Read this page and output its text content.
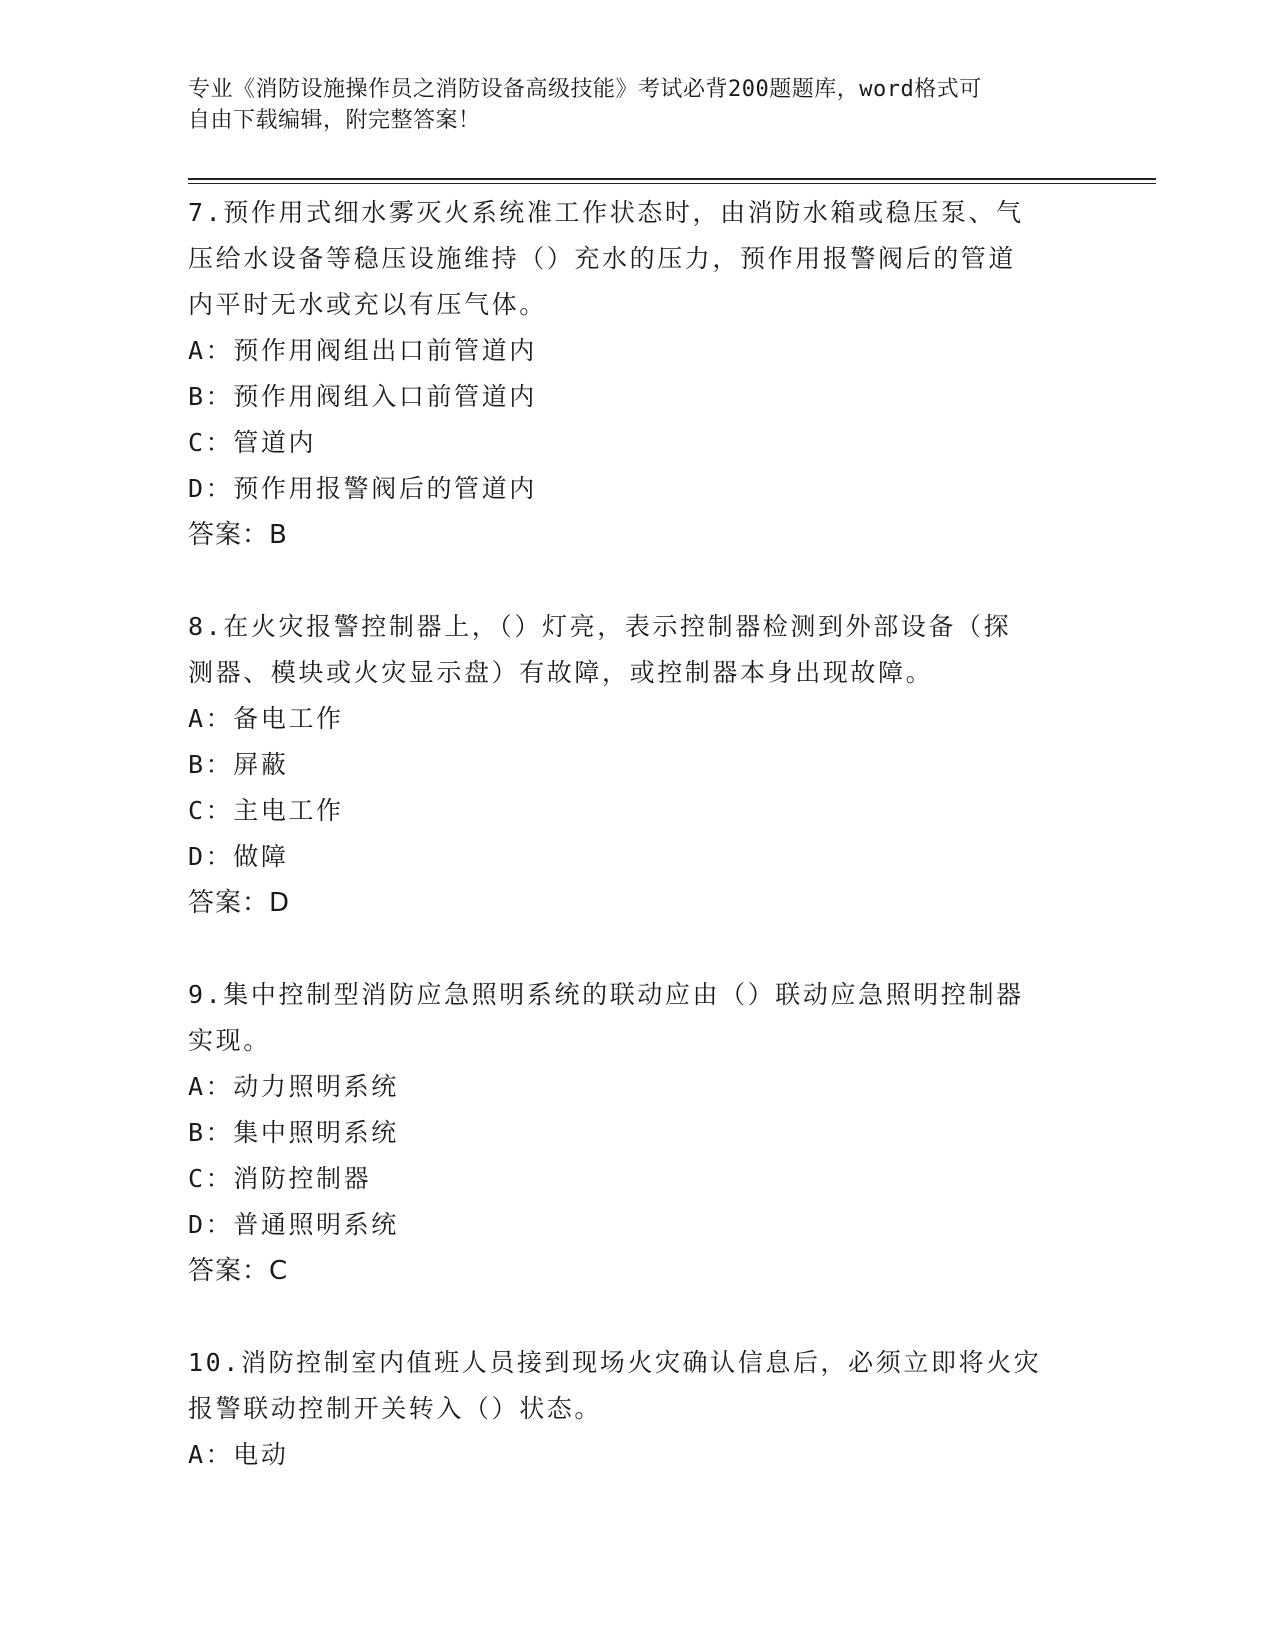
专业《消防设施操作员之消防设备高级技能》考试必背200题题库，word格式可
自由下载编辑，附完整答案！
7.预作用式细水雾灭火系统准工作状态时，由消防水箱或稳压泵、气
压给水设备等稳压设施维持（）充水的压力，预作用报警阀后的管道
内平时无水或充以有压气体。
A：预作用阀组出口前管道内
B：预作用阀组入口前管道内
C：管道内
D：预作用报警阀后的管道内
答案：B
8.在火灾报警控制器上，（）灯亮，表示控制器检测到外部设备（探
测器、模块或火灾显示盘）有故障，或控制器本身出现故障。
A：备电工作
B：屏蔽
C：主电工作
D：做障
答案：D
9.集中控制型消防应急照明系统的联动应由（）联动应急照明控制器
实现。
A：动力照明系统
B：集中照明系统
C：消防控制器
D：普通照明系统
答案：C
10.消防控制室内值班人员接到现场火灾确认信息后，必须立即将火灾
报警联动控制开关转入（）状态。
A：电动
